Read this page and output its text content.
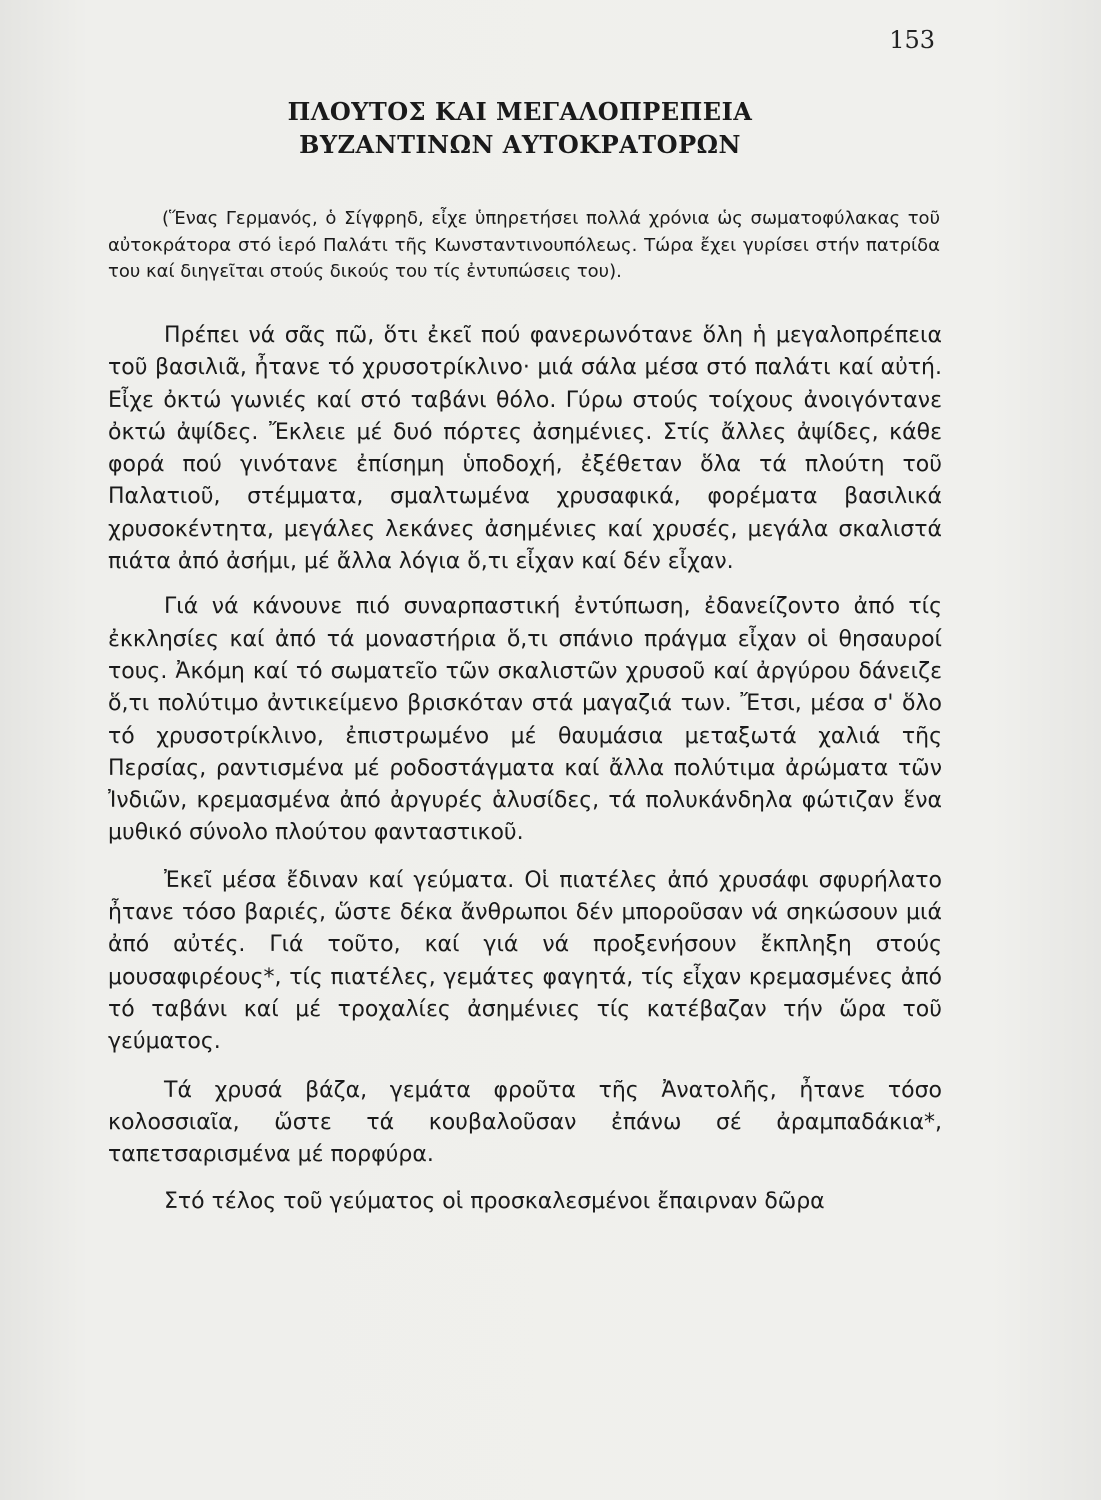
153
ΠΛΟΥΤΟΣ ΚΑΙ ΜΕΓΑΛΟΠΡΕΠΕΙΑ
ΒΥΖΑΝΤΙΝΩΝ ΑΥΤΟΚΡΑΤΟΡΩΝ

(Ἕνας Γερμανός, ὁ Σίγφρηδ, εἶχε ὑπηρετήσει πολλά χρόνια ὡς σωματοφύλακας τοῦ αὐτοκράτορα στό ἱερό Παλάτι τῆς Κωνσταντινουπόλεως. Τώρα ἔχει γυρίσει στήν πατρίδα του καί διηγεῖται στούς δικούς του τίς ἐντυπώσεις του).

Πρέπει νά σᾶς πῶ, ὅτι ἐκεῖ πού φανερωνότανε ὅλη ἡ μεγαλοπρέπεια τοῦ βασιλιᾶ, ἦτανε τό χρυσοτρίκλινο· μιά σάλα μέσα στό παλάτι καί αὐτή. Εἶχε ὀκτώ γωνιές καί στό ταβάνι θόλο. Γύρω στούς τοίχους ἀνοιγόντανε ὀκτώ ἀψίδες. Ἔκλειε μέ δυό πόρτες ἀσημένιες. Στίς ἄλλες ἀψίδες, κάθε φορά πού γινότανε ἐπίσημη ὑποδοχή, ἐξέθεταν ὅλα τά πλούτη τοῦ Παλατιοῦ, στέμματα, σμαλτωμένα χρυσαφικά, φορέματα βασιλικά χρυσοκέντητα, μεγάλες λεκάνες ἀσημένιες καί χρυσές, μεγάλα σκαλιστά πιάτα ἀπό ἀσήμι, μέ ἄλλα λόγια ὅ,τι εἶχαν καί δέν εἶχαν.

Γιά νά κάνουνε πιό συναρπαστική ἐντύπωση, ἐδανείζοντο ἀπό τίς ἐκκλησίες καί ἀπό τά μοναστήρια ὅ,τι σπάνιο πράγμα εἶχαν οἱ θησαυροί τους. Ἀκόμη καί τό σωματεῖο τῶν σκαλιστῶν χρυσοῦ καί ἀργύρου δάνειζε ὅ,τι πολύτιμο ἀντικείμενο βρισκόταν στά μαγαζιά των. Ἔτσι, μέσα σ' ὅλο τό χρυσοτρίκλινο, ἐπιστρωμένο μέ θαυμάσια μεταξωτά χαλιά τῆς Περσίας, ραντισμένα μέ ροδοστάγματα καί ἄλλα πολύτιμα ἀρώματα τῶν Ἰνδιῶν, κρεμασμένα ἀπό ἀργυρές ἁλυσίδες, τά πολυκάνδηλα φώτιζαν ἕνα μυθικό σύνολο πλούτου φανταστικοῦ.

Ἐκεῖ μέσα ἔδιναν καί γεύματα. Οἱ πιατέλες ἀπό χρυσάφι σφυρήλατο ἦτανε τόσο βαριές, ὥστε δέκα ἄνθρωποι δέν μποροῦσαν νά σηκώσουν μιά ἀπό αὐτές. Γιά τοῦτο, καί γιά νά προξενήσουν ἔκπληξη στούς μουσαφιρέους*, τίς πιατέλες, γεμάτες φαγητά, τίς εἶχαν κρεμασμένες ἀπό τό ταβάνι καί μέ τροχαλίες ἀσημένιες τίς κατέβαζαν τήν ὥρα τοῦ γεύματος.

Τά χρυσά βάζα, γεμάτα φροῦτα τῆς Ἀνατολῆς, ἦτανε τόσο κολοσσιαῖα, ὥστε τά κουβαλοῦσαν ἐπάνω σέ ἀραμπαδάκια*, ταπετσαρισμένα μέ πορφύρα.

Στό τέλος τοῦ γεύματος οἱ προσκαλεσμένοι ἔπαιρναν δῶρα
